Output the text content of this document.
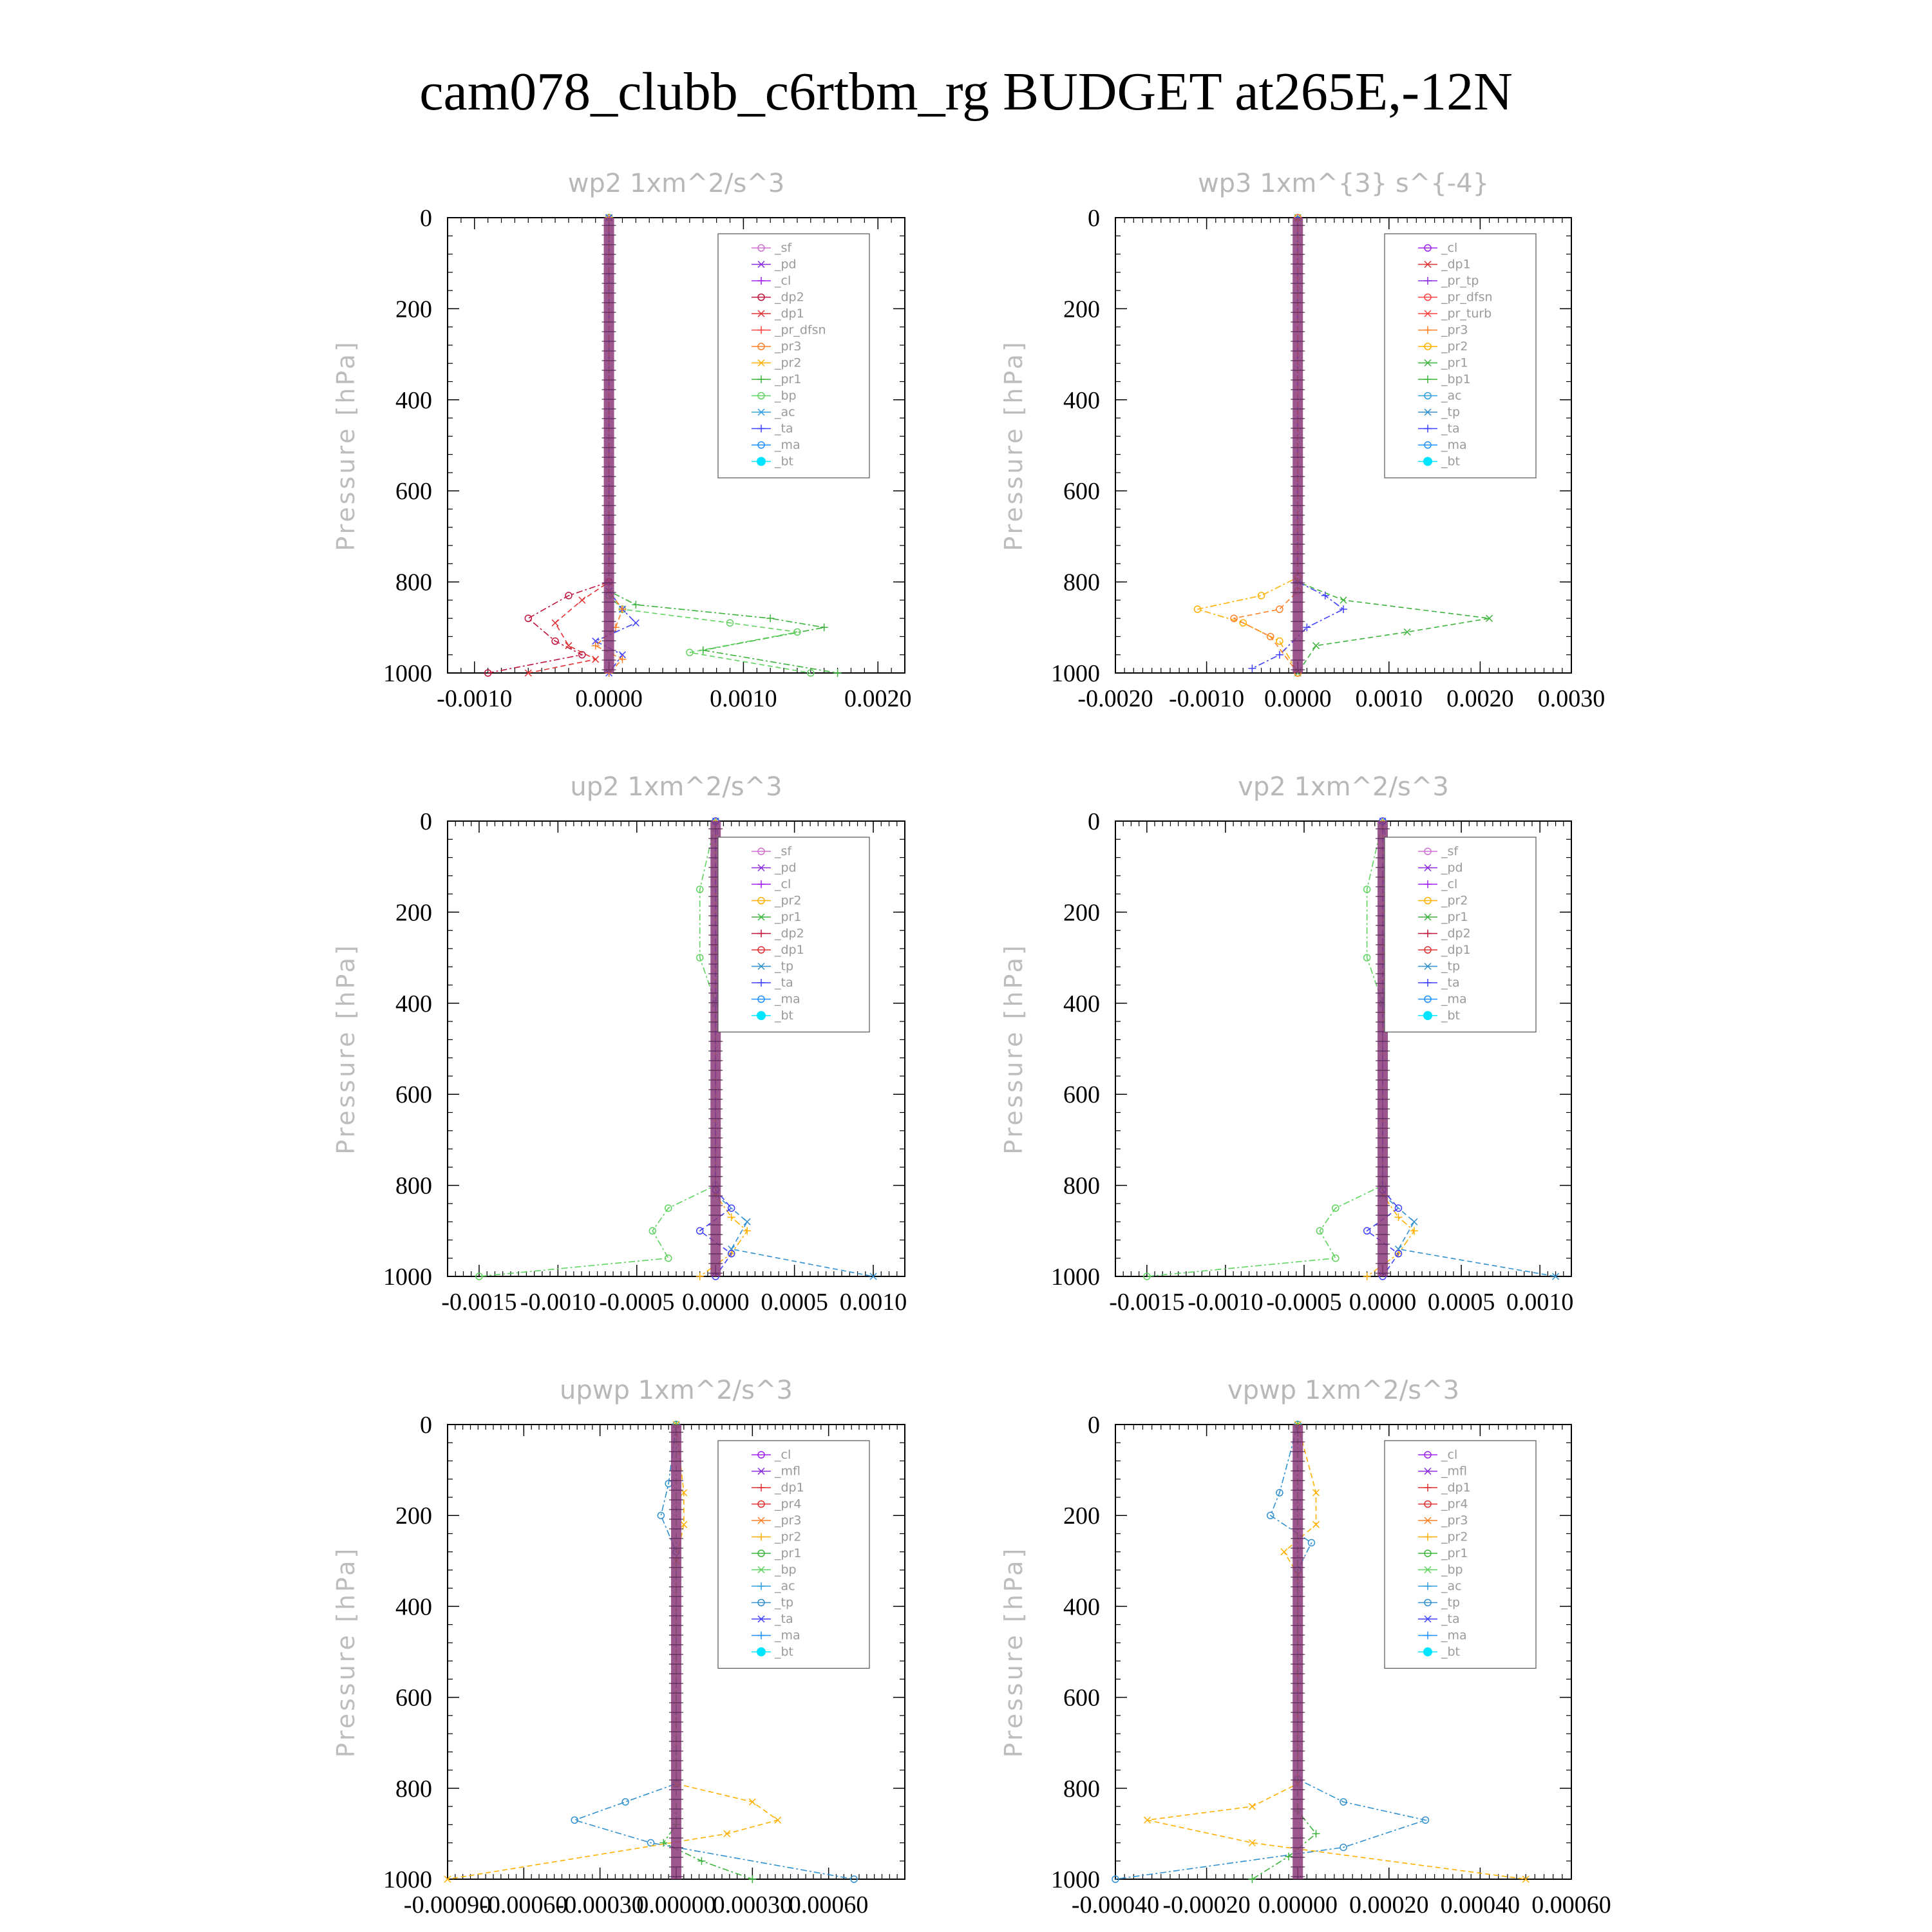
cam078_clubb_c6rtbm_rg BUDGET at265E,-12N
wp2 1xm^2/s^3
Pressure [hPa]
-0.0010	0.0000	0.0010	0.0020
0
200
400
600
800
1000
_sf
_pd
_cl
_dp2
_dp1
_pr_dfsn
_pr3
_pr2
_pr1
_bp
_ac
_ta
_ma
_bt
wp3 1xm^{3} s^{-4}
Pressure [hPa]
-0.0020 -0.0010 0.0000 0.0010 0.0020 0.0030
0
200
400
600
800
1000
_cl
_dp1
_pr_tp
_pr_dfsn
_pr_turb
_pr3
_pr2
_pr1
_bp1
_ac
_tp
_ta
_ma
_bt
up2 1xm^2/s^3
Pressure [hPa]
-0.0015 -0.0010 -0.0005 0.0000 0.0005 0.0010
0
200
400
600
800
1000
_sf
_pd
_cl
_pr2
_pr1
_dp2
_dp1
_tp
_ta
_ma
_bt
vp2 1xm^2/s^3
Pressure [hPa]
-0.0015 -0.0010 -0.0005 0.0000 0.0005 0.0010
0
200
400
600
800
1000
_sf
_pd
_cl
_pr2
_pr1
_dp2
_dp1
_tp
_ta
_ma
_bt
upwp 1xm^2/s^3
Pressure [hPa]
-0.00090
-0.00060
-0.00030
0.00000
0.00030
0.00060
0
200
400
600
800
1000
_cl
_mfl
_dp1
_pr4
_pr3
_pr2
_pr1
_bp
_ac
_tp
_ta
_ma
_bt
vpwp 1xm^2/s^3
Pressure [hPa]
-0.00040 -0.00020 0.00000 0.00020 0.00040 0.00060
0
200
400
600
800
1000
_cl
_mfl
_dp1
_pr4
_pr3
_pr2
_pr1
_bp
_ac
_tp
_ta
_ma
_bt
